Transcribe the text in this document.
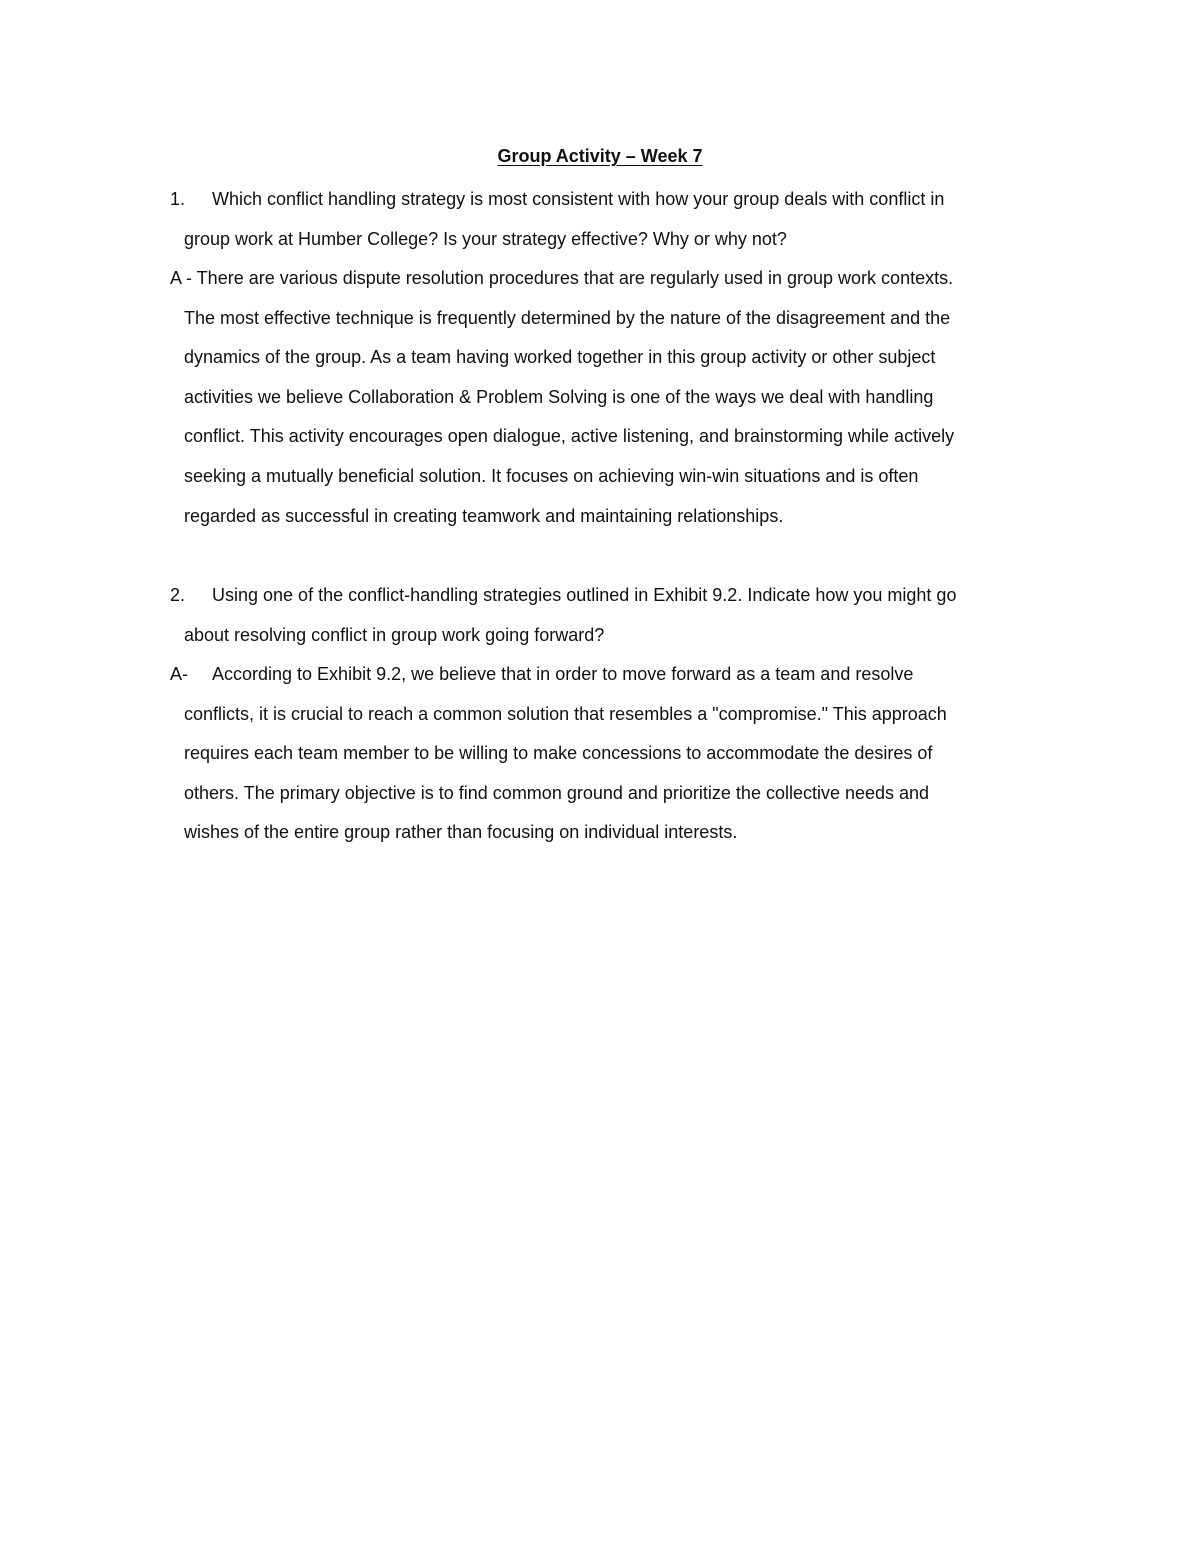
Group Activity – Week 7
1. Which conflict handling strategy is most consistent with how your group deals with conflict in
group work at Humber College? Is your strategy effective? Why or why not?
A - There are various dispute resolution procedures that are regularly used in group work contexts.
The most effective technique is frequently determined by the nature of the disagreement and the
dynamics of the group. As a team having worked together in this group activity or other subject
activities we believe Collaboration & Problem Solving is one of the ways we deal with handling
conflict. This activity encourages open dialogue, active listening, and brainstorming while actively
seeking a mutually beneficial solution. It focuses on achieving win-win situations and is often
regarded as successful in creating teamwork and maintaining relationships.
2. Using one of the conflict-handling strategies outlined in Exhibit 9.2. Indicate how you might go
about resolving conflict in group work going forward?
A- According to Exhibit 9.2, we believe that in order to move forward as a team and resolve
conflicts, it is crucial to reach a common solution that resembles a "compromise." This approach
requires each team member to be willing to make concessions to accommodate the desires of
others. The primary objective is to find common ground and prioritize the collective needs and
wishes of the entire group rather than focusing on individual interests.
